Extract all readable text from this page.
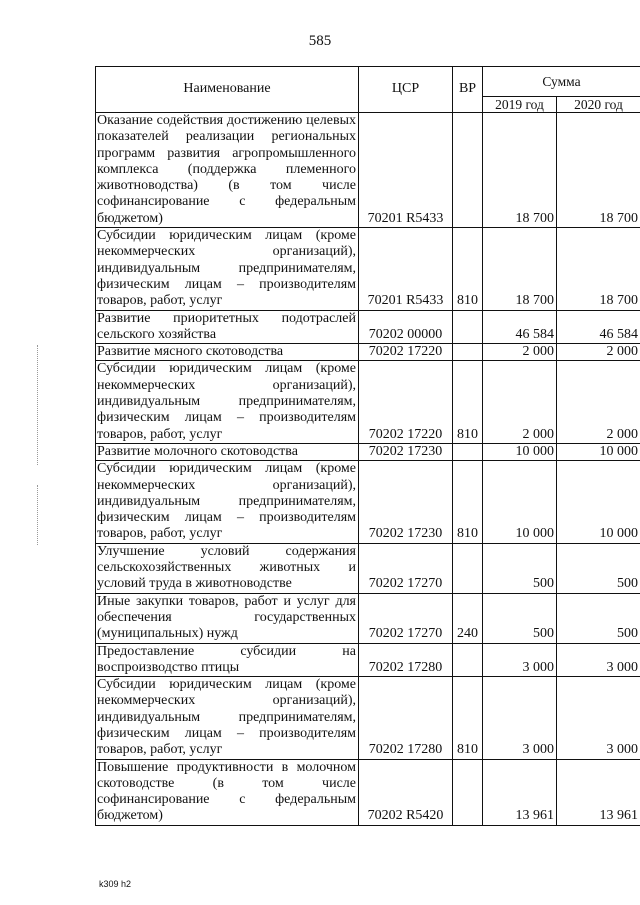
585
Наименование	ЦСР	ВР	Сумма	
			2019 год	2020 год
Оказание содействия достижению целевых показателей реализации региональных программ развития агропромышленного комплекса (поддержка племенного животноводства) (в том числе софинансирование с федеральным бюджетом)	70201 R5433		18 700	18 700
Субсидии юридическим лицам (кроме некоммерческих организаций), индивидуальным предпринимателям, физическим лицам – производителям товаров, работ, услуг	70201 R5433	810	18 700	18 700
Развитие приоритетных подотраслей сельского хозяйства	70202 00000		46 584	46 584
Развитие мясного скотоводства	70202 17220		2 000	2 000
Субсидии юридическим лицам (кроме некоммерческих организаций), индивидуальным предпринимателям, физическим лицам – производителям товаров, работ, услуг	70202 17220	810	2 000	2 000
Развитие молочного скотоводства	70202 17230		10 000	10 000
Субсидии юридическим лицам (кроме некоммерческих организаций), индивидуальным предпринимателям, физическим лицам – производителям товаров, работ, услуг	70202 17230	810	10 000	10 000
Улучшение условий содержания сельскохозяйственных животных и условий труда в животноводстве	70202 17270		500	500
Иные закупки товаров, работ и услуг для обеспечения государственных (муниципальных) нужд	70202 17270	240	500	500
Предоставление субсидии на воспроизводство птицы	70202 17280		3 000	3 000
Субсидии юридическим лицам (кроме некоммерческих организаций), индивидуальным предпринимателям, физическим лицам – производителям товаров, работ, услуг	70202 17280	810	3 000	3 000
Повышение продуктивности в молочном скотоводстве (в том числе софинансирование с федеральным бюджетом)	70202 R5420		13 961	13 961
k309 h2
